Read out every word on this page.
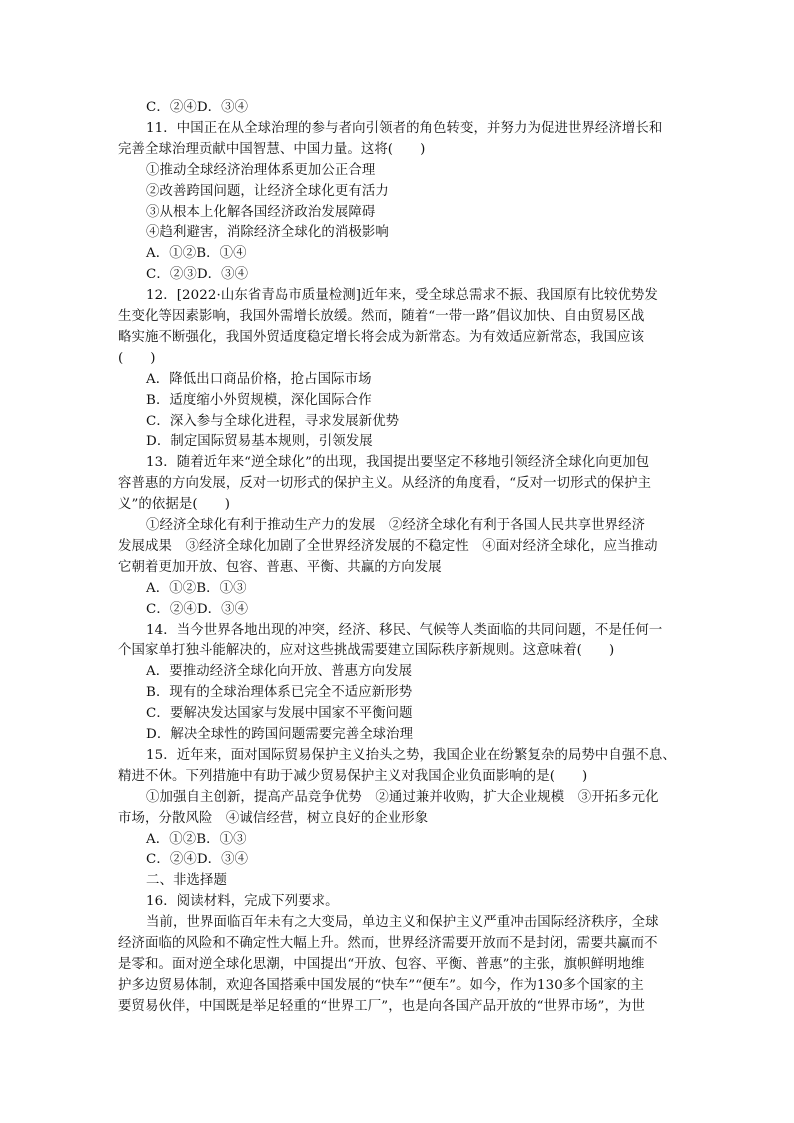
C．②④D．③④
11．中国正在从全球治理的参与者向引领者的角色转变，并努力为促进世界经济增长和
完善全球治理贡献中国智慧、中国力量。这将(　　)
①推动全球经济治理体系更加公正合理
②改善跨国问题，让经济全球化更有活力
③从根本上化解各国经济政治发展障碍
④趋利避害，消除经济全球化的消极影响
A．①②B．①④
C．②③D．③④
12．[2022·山东省青岛市质量检测]近年来，受全球总需求不振、我国原有比较优势发
生变化等因素影响，我国外需增长放缓。然而，随着“一带一路”倡议加快、自由贸易区战
略实施不断强化，我国外贸适度稳定增长将会成为新常态。为有效适应新常态，我国应该
(　　)
A．降低出口商品价格，抢占国际市场
B．适度缩小外贸规模，深化国际合作
C．深入参与全球化进程，寻求发展新优势
D．制定国际贸易基本规则，引领发展
13．随着近年来“逆全球化”的出现，我国提出要坚定不移地引领经济全球化向更加包
容普惠的方向发展，反对一切形式的保护主义。从经济的角度看，“反对一切形式的保护主
义”的依据是(　　)
①经济全球化有利于推动生产力的发展　②经济全球化有利于各国人民共享世界经济
发展成果　③经济全球化加剧了全世界经济发展的不稳定性　④面对经济全球化，应当推动
它朝着更加开放、包容、普惠、平衡、共赢的方向发展
A．①②B．①③
C．②④D．③④
14．当今世界各地出现的冲突，经济、移民、气候等人类面临的共同问题，不是任何一
个国家单打独斗能解决的，应对这些挑战需要建立国际秩序新规则。这意味着(　　)
A．要推动经济全球化向开放、普惠方向发展
B．现有的全球治理体系已完全不适应新形势
C．要解决发达国家与发展中国家不平衡问题
D．解决全球性的跨国问题需要完善全球治理
15．近年来，面对国际贸易保护主义抬头之势，我国企业在纷繁复杂的局势中自强不息、
精进不休。下列措施中有助于减少贸易保护主义对我国企业负面影响的是(　　)
①加强自主创新，提高产品竞争优势　②通过兼并收购，扩大企业规模　③开拓多元化
市场，分散风险　④诚信经营，树立良好的企业形象
A．①②B．①③
C．②④D．③④
二、非选择题
16．阅读材料，完成下列要求。
当前，世界面临百年未有之大变局，单边主义和保护主义严重冲击国际经济秩序，全球
经济面临的风险和不确定性大幅上升。然而，世界经济需要开放而不是封闭，需要共赢而不
是零和。面对逆全球化思潮，中国提出“开放、包容、平衡、普惠”的主张，旗帜鲜明地维
护多边贸易体制，欢迎各国搭乘中国发展的“快车”“便车”。如今，作为130多个国家的主
要贸易伙伴，中国既是举足轻重的“世界工厂”，也是向各国产品开放的“世界市场”，为世
